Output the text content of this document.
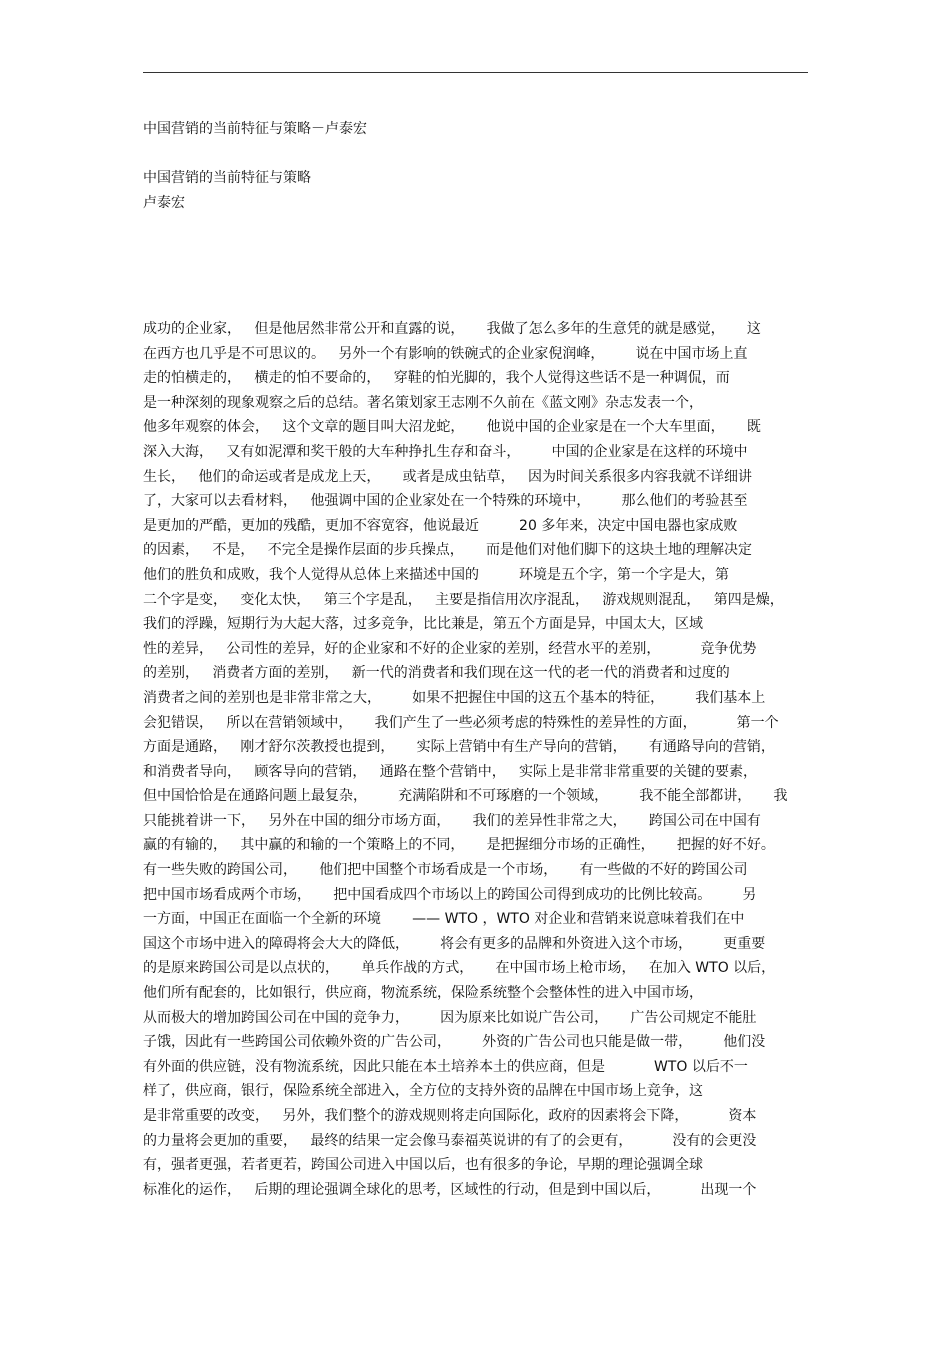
中国营销的当前特征与策略－卢泰宏
中国营销的当前特征与策略
卢泰宏
成功的企业家，   但是他居然非常公开和直露的说，     我做了怎么多年的生意凭的就是感觉，     这
在西方也几乎是不可思议的。   另外一个有影响的铁碗式的企业家倪润峰，       说在中国市场上直
走的怕横走的，   横走的怕不要命的，   穿鞋的怕光脚的，我个人觉得这些话不是一种调侃，而
是一种深刻的现象观察之后的总结。著名策划家王志刚不久前在《蓝文刚》杂志发表一个，
他多年观察的体会，   这个文章的题目叫大沼龙蛇，     他说中国的企业家是在一个大车里面，     既
深入大海，   又有如泥潭和奖干般的大车种挣扎生存和奋斗，       中国的企业家是在这样的环境中
生长，   他们的命运或者是成龙上天，     或者是成虫钻草，   因为时间关系很多内容我就不详细讲
了，大家可以去看材料，   他强调中国的企业家处在一个特殊的环境中，       那么他们的考验甚至
是更加的严酷，更加的残酷，更加不容宽容，他说最近         20 多年来，决定中国电器也家成败
的因素，   不是，   不完全是操作层面的步兵操点，     而是他们对他们脚下的这块土地的理解决定
他们的胜负和成败，我个人觉得从总体上来描述中国的         环境是五个字，第一个字是大，第
二个字是变，   变化太快，   第三个字是乱，   主要是指信用次序混乱，   游戏规则混乱，   第四是燥，
我们的浮躁，短期行为大起大落，过多竞争，比比兼是，第五个方面是异，中国太大，区域
性的差异，   公司性的差异，好的企业家和不好的企业家的差别，经营水平的差别，         竞争优势
的差别，   消费者方面的差别，   新一代的消费者和我们现在这一代的老一代的消费者和过度的
消费者之间的差别也是非常非常之大，       如果不把握住中国的这五个基本的特征，       我们基本上
会犯错误，   所以在营销领域中，     我们产生了一些必须考虑的特殊性的差异性的方面，         第一个
方面是通路，   刚才舒尔茨教授也提到，     实际上营销中有生产导向的营销，     有通路导向的营销，
和消费者导向，   顾客导向的营销，   通路在整个营销中，   实际上是非常非常重要的关键的要素，
但中国恰恰是在通路问题上最复杂，       充满陷阱和不可琢磨的一个领域，       我不能全部都讲，     我
只能挑着讲一下，   另外在中国的细分市场方面，     我们的差异性非常之大，     跨国公司在中国有
赢的有输的，   其中赢的和输的一个策略上的不同，     是把握细分市场的正确性，     把握的好不好。
有一些失败的跨国公司，     他们把中国整个市场看成是一个市场，     有一些做的不好的跨国公司
把中国市场看成两个市场，     把中国看成四个市场以上的跨国公司得到成功的比例比较高。       另
一方面，中国正在面临一个全新的环境       —— WTO ，WTO 对企业和营销来说意味着我们在中
国这个市场中进入的障碍将会大大的降低，       将会有更多的品牌和外资进入这个市场，       更重要
的是原来跨国公司是以点状的，     单兵作战的方式，     在中国市场上枪市场，   在加入 WTO 以后，
他们所有配套的，比如银行，供应商，物流系统，保险系统整个会整体性的进入中国市场，
从而极大的增加跨国公司在中国的竞争力，       因为原来比如说广告公司，     广告公司规定不能肚
子饿，因此有一些跨国公司依赖外资的广告公司，       外资的广告公司也只能是做一带，       他们没
有外面的供应链，没有物流系统，因此只能在本土培养本土的供应商，但是           WTO 以后不一
样了，供应商，银行，保险系统全部进入，全方位的支持外资的品牌在中国市场上竞争，这
是非常重要的改变，   另外，我们整个的游戏规则将走向国际化，政府的因素将会下降，         资本
的力量将会更加的重要，   最终的结果一定会像马泰福英说讲的有了的会更有，         没有的会更没
有，强者更强，若者更若，跨国公司进入中国以后，也有很多的争论，早期的理论强调全球
标准化的运作，   后期的理论强调全球化的思考，区域性的行动，但是到中国以后，         出现一个
